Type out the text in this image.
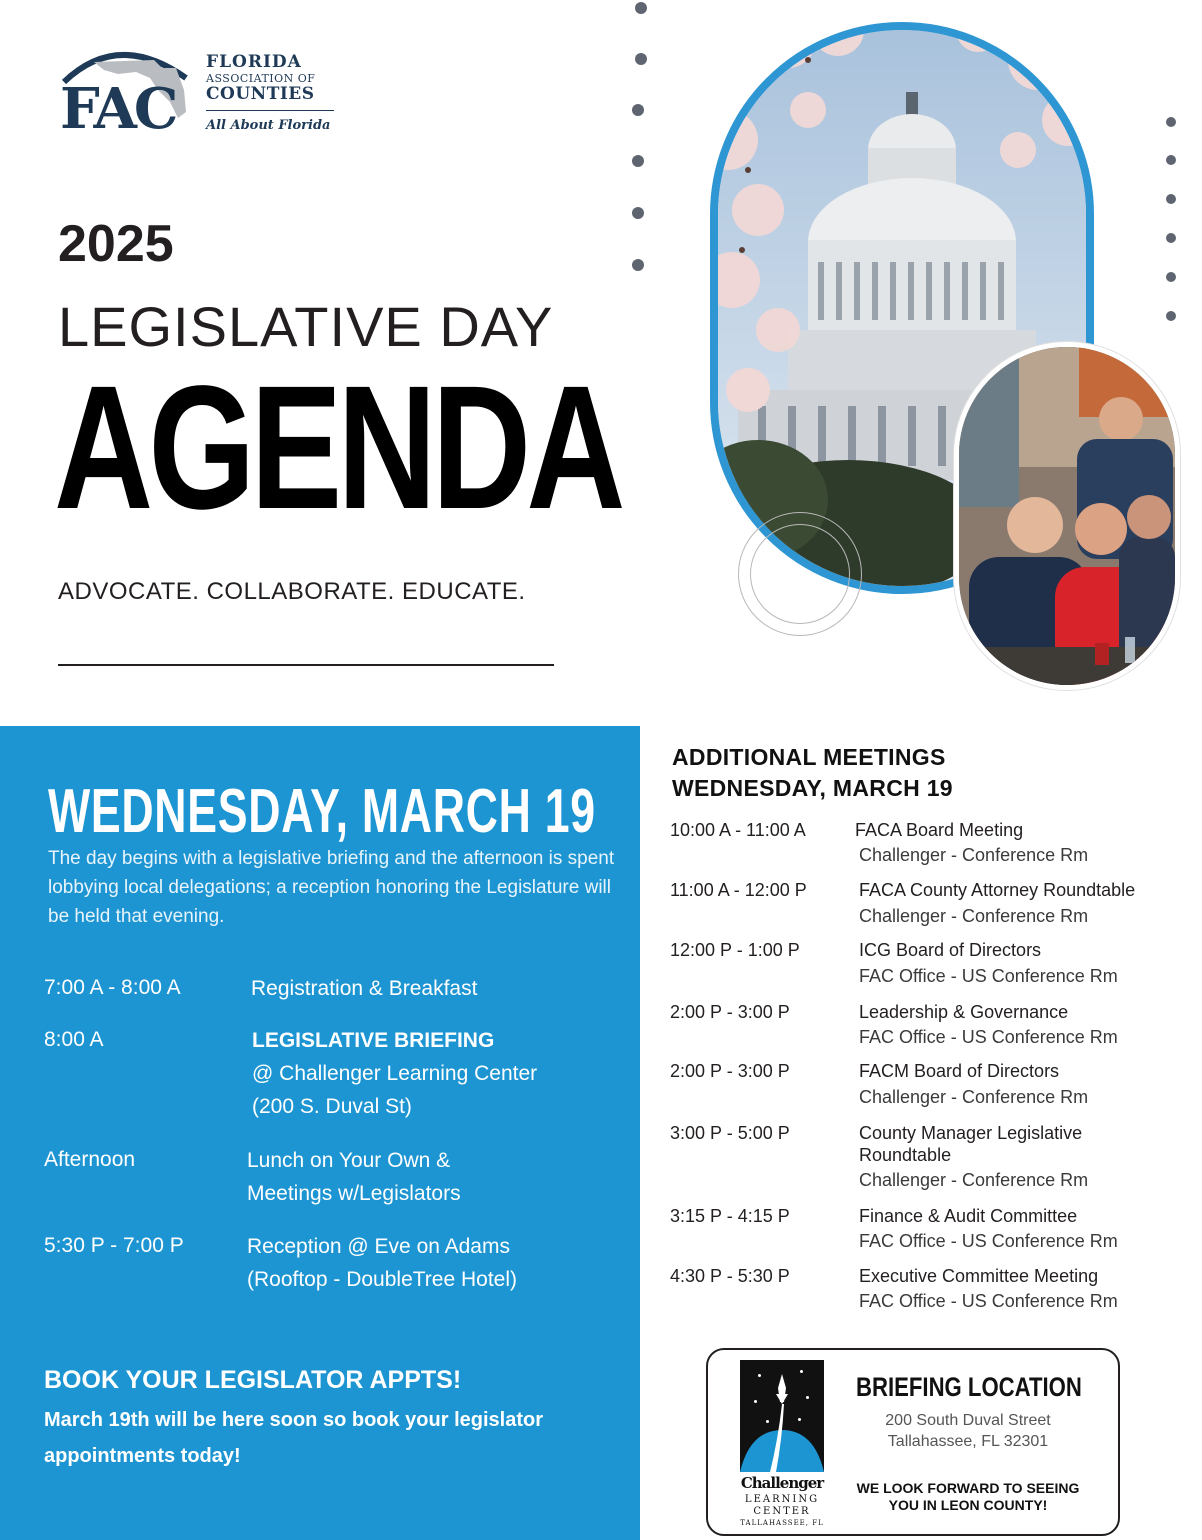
FAC
FLORIDA
ASSOCIATION OF
COUNTIES
All About Florida
2025
LEGISLATIVE DAY
AGENDA
ADVOCATE. COLLABORATE. EDUCATE.
WEDNESDAY, MARCH 19
The day begins with a legislative briefing and the afternoon is spent lobbying local delegations; a reception honoring the Legislature will be held that evening.
7:00 A - 8:00 A	Registration & Breakfast
8:00 A	LEGISLATIVE BRIEFING
@ Challenger Learning Center
(200 S. Duval St)
Afternoon	Lunch on Your Own &
Meetings w/Legislators
5:30 P - 7:00 P	Reception @ Eve on Adams
(Rooftop - DoubleTree Hotel)
BOOK YOUR LEGISLATOR APPTS!
March 19th will be here soon so book your legislator appointments today!
ADDITIONAL MEETINGS
WEDNESDAY, MARCH 19
10:00 A - 11:00 A	FACA Board Meeting
Challenger - Conference Rm
11:00 A - 12:00 P	FACA County Attorney Roundtable
Challenger - Conference Rm
12:00 P - 1:00 P	ICG Board of Directors
FAC Office - US Conference Rm
2:00 P - 3:00 P	Leadership & Governance
FAC Office - US Conference Rm
2:00 P - 3:00 P	FACM Board of Directors
Challenger - Conference Rm
3:00 P - 5:00 P	County Manager Legislative
Roundtable
Challenger - Conference Rm
3:15 P - 4:15 P	Finance & Audit Committee
FAC Office - US Conference Rm
4:30 P - 5:30 P	Executive Committee Meeting
FAC Office - US Conference Rm
Challenger
LEARNING
CENTER
TALLAHASSEE, FL
BRIEFING LOCATION
200 South Duval Street
Tallahassee, FL 32301
WE LOOK FORWARD TO SEEING
YOU IN LEON COUNTY!
